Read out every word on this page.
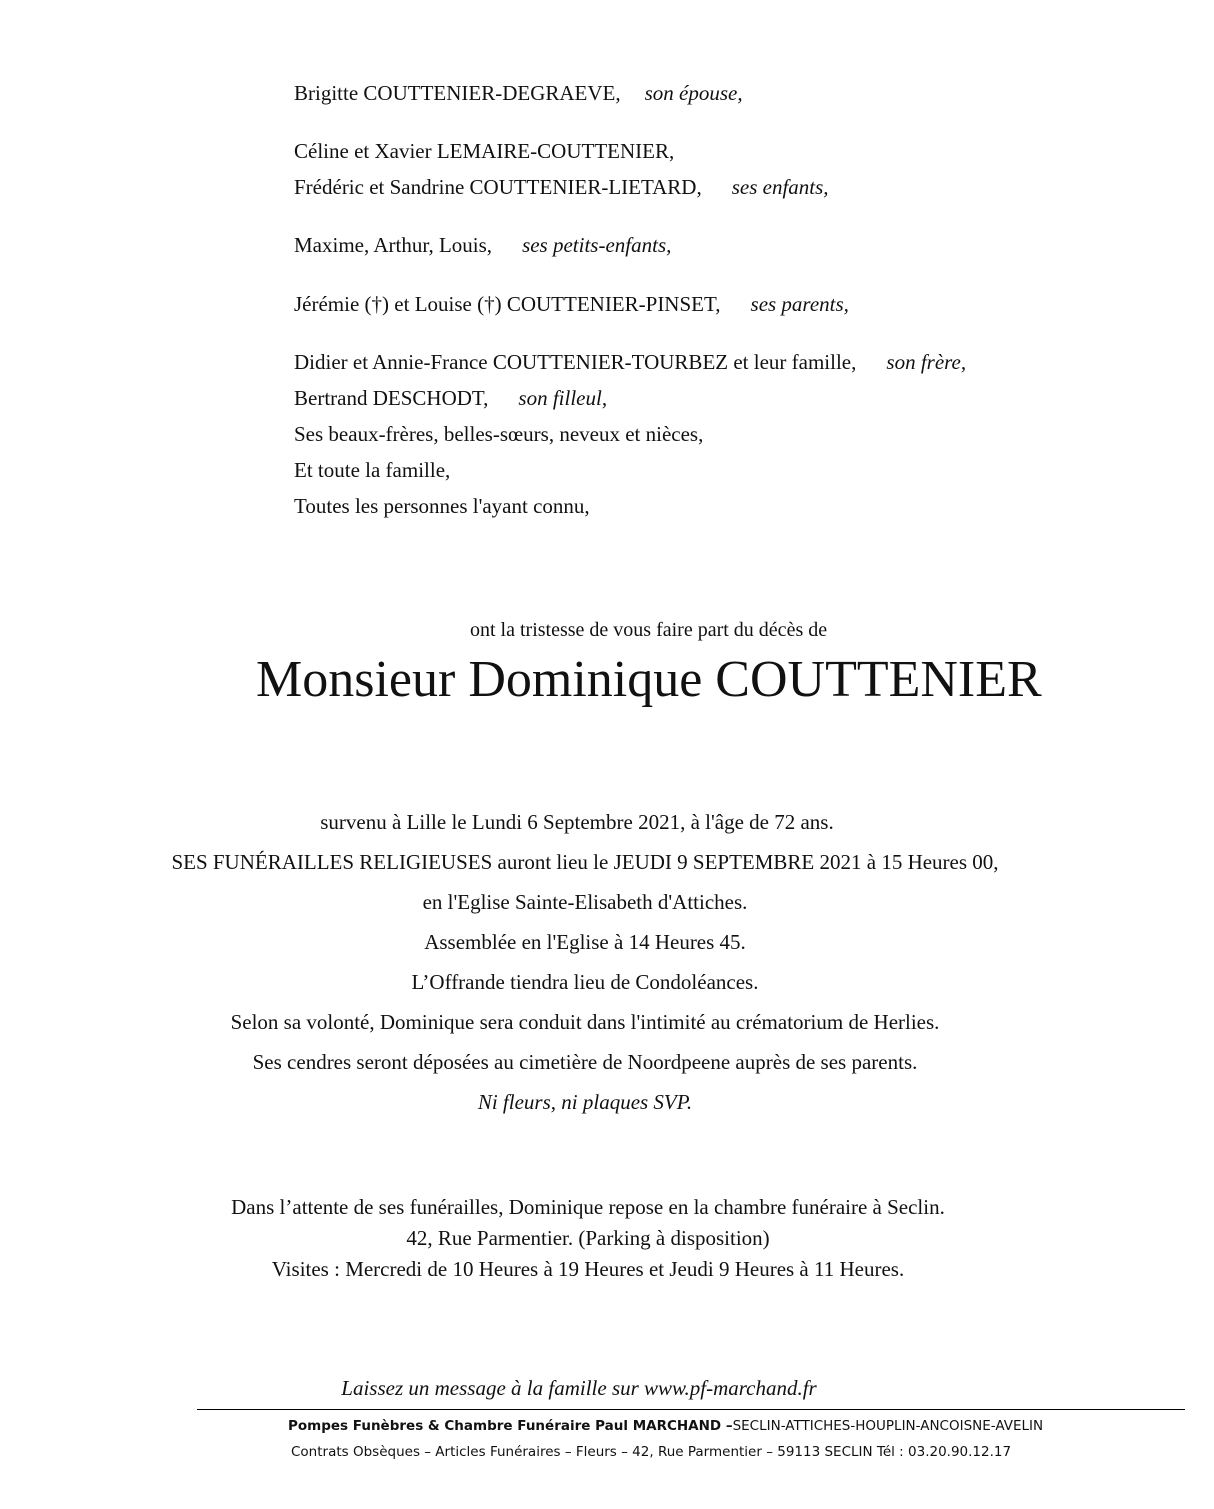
Brigitte COUTTENIER-DEGRAEVE, son épouse,
Céline et Xavier LEMAIRE-COUTTENIER,
Frédéric et Sandrine COUTTENIER-LIETARD, ses enfants,
Maxime, Arthur, Louis, ses petits-enfants,
Jérémie (†) et Louise (†) COUTTENIER-PINSET, ses parents,
Didier et Annie-France COUTTENIER-TOURBEZ et leur famille, son frère,
Bertrand DESCHODT, son filleul,
Ses beaux-frères, belles-sœurs, neveux et nièces,
Et toute la famille,
Toutes les personnes l'ayant connu,
ont la tristesse de vous faire part du décès de
Monsieur Dominique COUTTENIER
survenu à Lille le Lundi 6 Septembre 2021, à l'âge de 72 ans.
SES FUNÉRAILLES RELIGIEUSES auront lieu le JEUDI 9 SEPTEMBRE 2021 à 15 Heures 00,
en l'Eglise Sainte-Elisabeth d'Attiches.
Assemblée en l'Eglise à 14 Heures 45.
L’Offrande tiendra lieu de Condoléances.
Selon sa volonté, Dominique sera conduit dans l'intimité au crématorium de Herlies.
Ses cendres seront déposées au cimetière de Noordpeene auprès de ses parents.
Ni fleurs, ni plaques SVP.
Dans l’attente de ses funérailles, Dominique repose en la chambre funéraire à Seclin.
42, Rue Parmentier. (Parking à disposition)
Visites : Mercredi de 10 Heures à 19 Heures et Jeudi 9 Heures à 11 Heures.
Laissez un message à la famille sur www.pf-marchand.fr
Pompes Funèbres & Chambre Funéraire Paul MARCHAND –SECLIN-ATTICHES-HOUPLIN-ANCOISNE-AVELIN
Contrats Obsèques – Articles Funéraires – Fleurs – 42, Rue Parmentier – 59113 SECLIN Tél : 03.20.90.12.17
